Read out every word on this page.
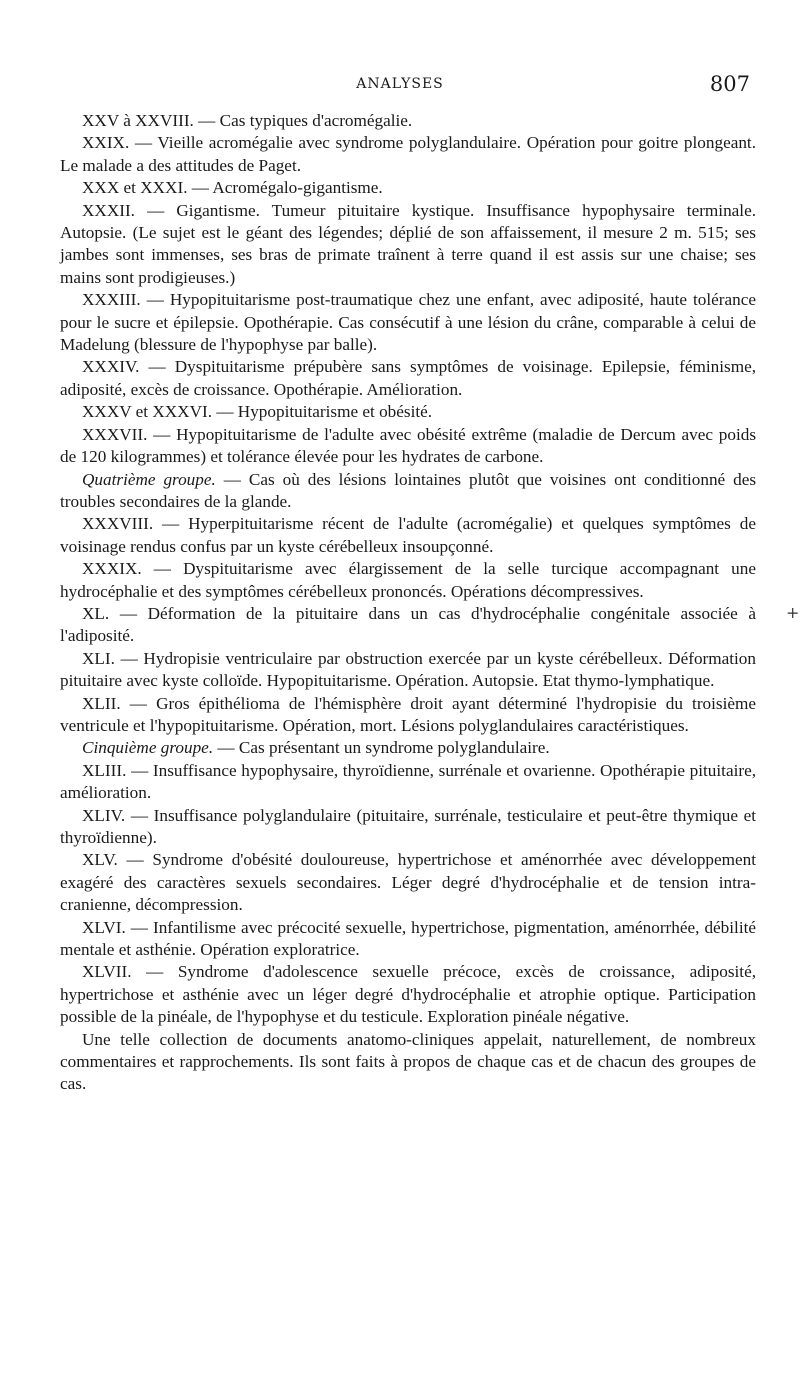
ANALYSES	807

XXV à XXVIII. — Cas typiques d'acromégalie.

XXIX. — Vieille acromégalie avec syndrome polyglandulaire. Opération pour goitre plongeant. Le malade a des attitudes de Paget.

XXX et XXXI. — Acromégalo-gigantisme.

XXXII. — Gigantisme. Tumeur pituitaire kystique. Insuffisance hypophysaire terminale. Autopsie. (Le sujet est le géant des légendes; déplié de son affaissement, il mesure 2 m. 515; ses jambes sont immenses, ses bras de primate traînent à terre quand il est assis sur une chaise; ses mains sont prodigieuses.)

XXXIII. — Hypopituitarisme post-traumatique chez une enfant, avec adiposité, haute tolérance pour le sucre et épilepsie. Opothérapie. Cas consécutif à une lésion du crâne, comparable à celui de Madelung (blessure de l'hypophyse par balle).

XXXIV. — Dyspituitarisme prépubère sans symptômes de voisinage. Epilepsie, féminisme, adiposité, excès de croissance. Opothérapie. Amélioration.

XXXV et XXXVI. — Hypopituitarisme et obésité.

XXXVII. — Hypopituitarisme de l'adulte avec obésité extrême (maladie de Dercum avec poids de 120 kilogrammes) et tolérance élevée pour les hydrates de carbone.

Quatrième groupe. — Cas où des lésions lointaines plutôt que voisines ont conditionné des troubles secondaires de la glande.

XXXVIII. — Hyperpituitarisme récent de l'adulte (acromégalie) et quelques symptômes de voisinage rendus confus par un kyste cérébelleux insoupçonné.

XXXIX. — Dyspituitarisme avec élargissement de la selle turcique accompagnant une hydrocéphalie et des symptômes cérébelleux prononcés. Opérations décompressives.

XL. — Déformation de la pituitaire dans un cas d'hydrocéphalie congénitale associée à l'adiposité.

XLI. — Hydropisie ventriculaire par obstruction exercée par un kyste cérébelleux. Déformation pituitaire avec kyste colloïde. Hypopituitarisme. Opération. Autopsie. Etat thymo-lymphatique.

XLII. — Gros épithélioma de l'hémisphère droit ayant déterminé l'hydropisie du troisième ventricule et l'hypopituitarisme. Opération, mort. Lésions polyglandulaires caractéristiques.

Cinquième groupe. — Cas présentant un syndrome polyglandulaire.

XLIII. — Insuffisance hypophysaire, thyroïdienne, surrénale et ovarienne. Opothérapie pituitaire, amélioration.

XLIV. — Insuffisance polyglandulaire (pituitaire, surrénale, testiculaire et peut-être thymique et thyroïdienne).

XLV. — Syndrome d'obésité douloureuse, hypertrichose et aménorrhée avec développement exagéré des caractères sexuels secondaires. Léger degré d'hydrocéphalie et de tension intra-cranienne, décompression.

XLVI. — Infantilisme avec précocité sexuelle, hypertrichose, pigmentation, aménorrhée, débilité mentale et asthénie. Opération exploratrice.

XLVII. — Syndrome d'adolescence sexuelle précoce, excès de croissance, adiposité, hypertrichose et asthénie avec un léger degré d'hydrocéphalie et atrophie optique. Participation possible de la pinéale, de l'hypophyse et du testicule. Exploration pinéale négative.

Une telle collection de documents anatomo-cliniques appelait, naturellement, de nombreux commentaires et rapprochements. Ils sont faits à propos de chaque cas et de chacun des groupes de cas.

+
